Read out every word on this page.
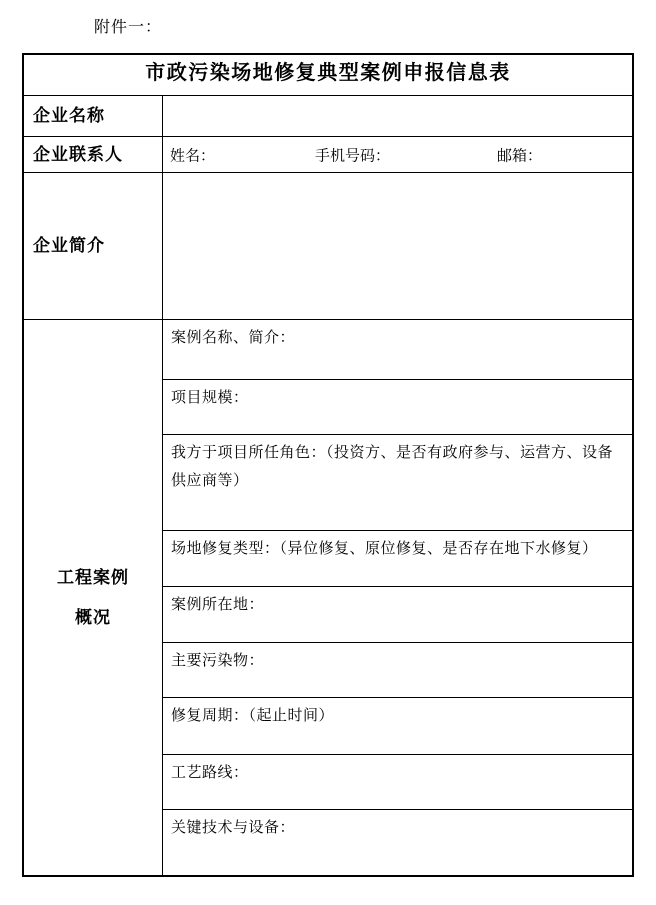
附件一：
市政污染场地修复典型案例申报信息表
企业名称
企业联系人	姓名：	手机号码：	邮箱：
企业简介
工程案例
概况
案例名称、简介：
项目规模：
我方于项目所任角色：（投资方、是否有政府参与、运营方、设备供应商等）
场地修复类型：（异位修复、原位修复、是否存在地下水修复）
案例所在地：
主要污染物：
修复周期：（起止时间）
工艺路线：
关键技术与设备：
